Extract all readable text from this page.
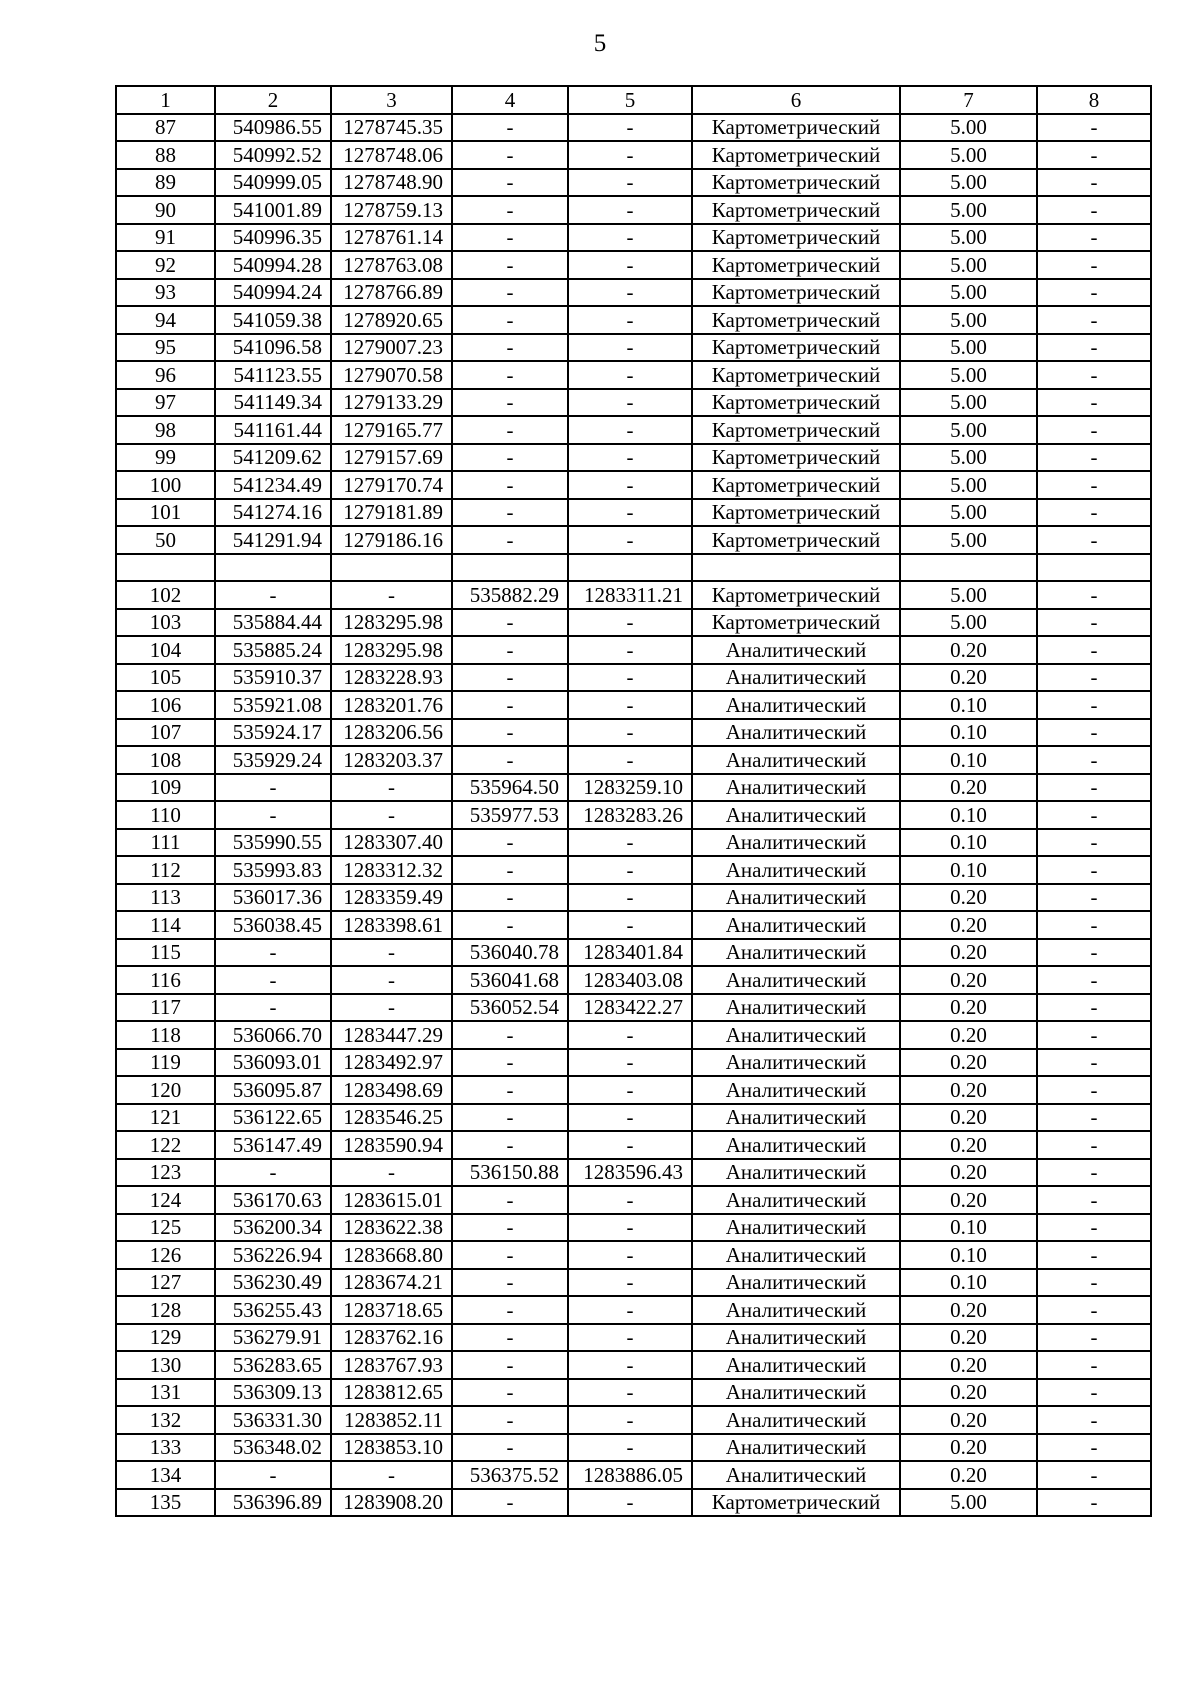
5
1	2	3	4	5	6	7	8
87	540986.55	1278745.35	-	-	Картометрический	5.00	-
88	540992.52	1278748.06	-	-	Картометрический	5.00	-
89	540999.05	1278748.90	-	-	Картометрический	5.00	-
90	541001.89	1278759.13	-	-	Картометрический	5.00	-
91	540996.35	1278761.14	-	-	Картометрический	5.00	-
92	540994.28	1278763.08	-	-	Картометрический	5.00	-
93	540994.24	1278766.89	-	-	Картометрический	5.00	-
94	541059.38	1278920.65	-	-	Картометрический	5.00	-
95	541096.58	1279007.23	-	-	Картометрический	5.00	-
96	541123.55	1279070.58	-	-	Картометрический	5.00	-
97	541149.34	1279133.29	-	-	Картометрический	5.00	-
98	541161.44	1279165.77	-	-	Картометрический	5.00	-
99	541209.62	1279157.69	-	-	Картометрический	5.00	-
100	541234.49	1279170.74	-	-	Картометрический	5.00	-
101	541274.16	1279181.89	-	-	Картометрический	5.00	-
50	541291.94	1279186.16	-	-	Картометрический	5.00	-

102	-	-	535882.29	1283311.21	Картометрический	5.00	-
103	535884.44	1283295.98	-	-	Картометрический	5.00	-
104	535885.24	1283295.98	-	-	Аналитический	0.20	-
105	535910.37	1283228.93	-	-	Аналитический	0.20	-
106	535921.08	1283201.76	-	-	Аналитический	0.10	-
107	535924.17	1283206.56	-	-	Аналитический	0.10	-
108	535929.24	1283203.37	-	-	Аналитический	0.10	-
109	-	-	535964.50	1283259.10	Аналитический	0.20	-
110	-	-	535977.53	1283283.26	Аналитический	0.10	-
111	535990.55	1283307.40	-	-	Аналитический	0.10	-
112	535993.83	1283312.32	-	-	Аналитический	0.10	-
113	536017.36	1283359.49	-	-	Аналитический	0.20	-
114	536038.45	1283398.61	-	-	Аналитический	0.20	-
115	-	-	536040.78	1283401.84	Аналитический	0.20	-
116	-	-	536041.68	1283403.08	Аналитический	0.20	-
117	-	-	536052.54	1283422.27	Аналитический	0.20	-
118	536066.70	1283447.29	-	-	Аналитический	0.20	-
119	536093.01	1283492.97	-	-	Аналитический	0.20	-
120	536095.87	1283498.69	-	-	Аналитический	0.20	-
121	536122.65	1283546.25	-	-	Аналитический	0.20	-
122	536147.49	1283590.94	-	-	Аналитический	0.20	-
123	-	-	536150.88	1283596.43	Аналитический	0.20	-
124	536170.63	1283615.01	-	-	Аналитический	0.20	-
125	536200.34	1283622.38	-	-	Аналитический	0.10	-
126	536226.94	1283668.80	-	-	Аналитический	0.10	-
127	536230.49	1283674.21	-	-	Аналитический	0.10	-
128	536255.43	1283718.65	-	-	Аналитический	0.20	-
129	536279.91	1283762.16	-	-	Аналитический	0.20	-
130	536283.65	1283767.93	-	-	Аналитический	0.20	-
131	536309.13	1283812.65	-	-	Аналитический	0.20	-
132	536331.30	1283852.11	-	-	Аналитический	0.20	-
133	536348.02	1283853.10	-	-	Аналитический	0.20	-
134	-	-	536375.52	1283886.05	Аналитический	0.20	-
135	536396.89	1283908.20	-	-	Картометрический	5.00	-
